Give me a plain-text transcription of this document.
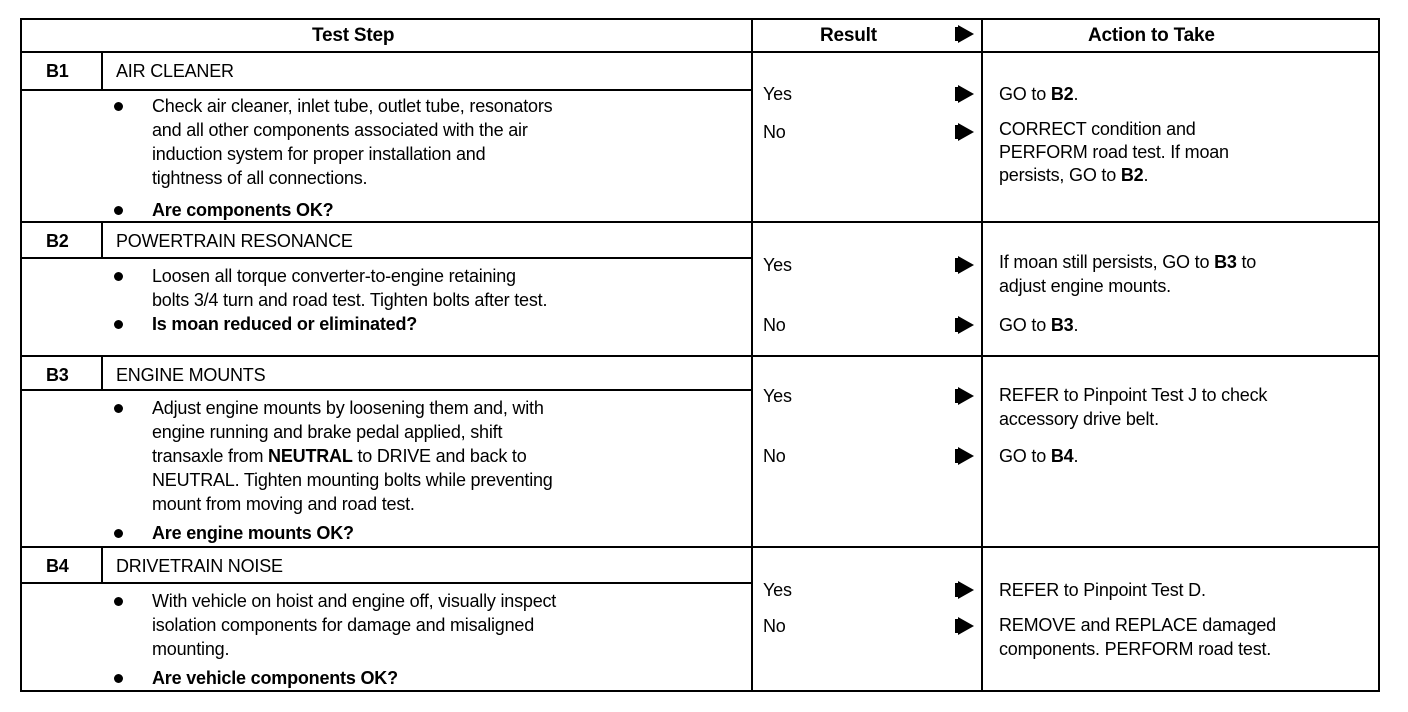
Test Step	Result	Action to Take
B1	AIR CLEANER
Check air cleaner, inlet tube, outlet tube, resonators
and all other components associated with the air
induction system for proper installation and
tightness of all connections.
Are components OK?
Yes	GO to B2.
No	CORRECT condition and
PERFORM road test. If moan
persists, GO to B2.
B2	POWERTRAIN RESONANCE
Loosen all torque converter-to-engine retaining
bolts 3/4 turn and road test. Tighten bolts after test.
Is moan reduced or eliminated?
Yes	If moan still persists, GO to B3 to
adjust engine mounts.
No	GO to B3.
B3	ENGINE MOUNTS
Adjust engine mounts by loosening them and, with
engine running and brake pedal applied, shift
transaxle from NEUTRAL to DRIVE and back to
NEUTRAL. Tighten mounting bolts while preventing
mount from moving and road test.
Are engine mounts OK?
Yes	REFER to Pinpoint Test J to check
accessory drive belt.
No	GO to B4.
B4	DRIVETRAIN NOISE
With vehicle on hoist and engine off, visually inspect
isolation components for damage and misaligned
mounting.
Are vehicle components OK?
Yes	REFER to Pinpoint Test D.
No	REMOVE and REPLACE damaged
components. PERFORM road test.
